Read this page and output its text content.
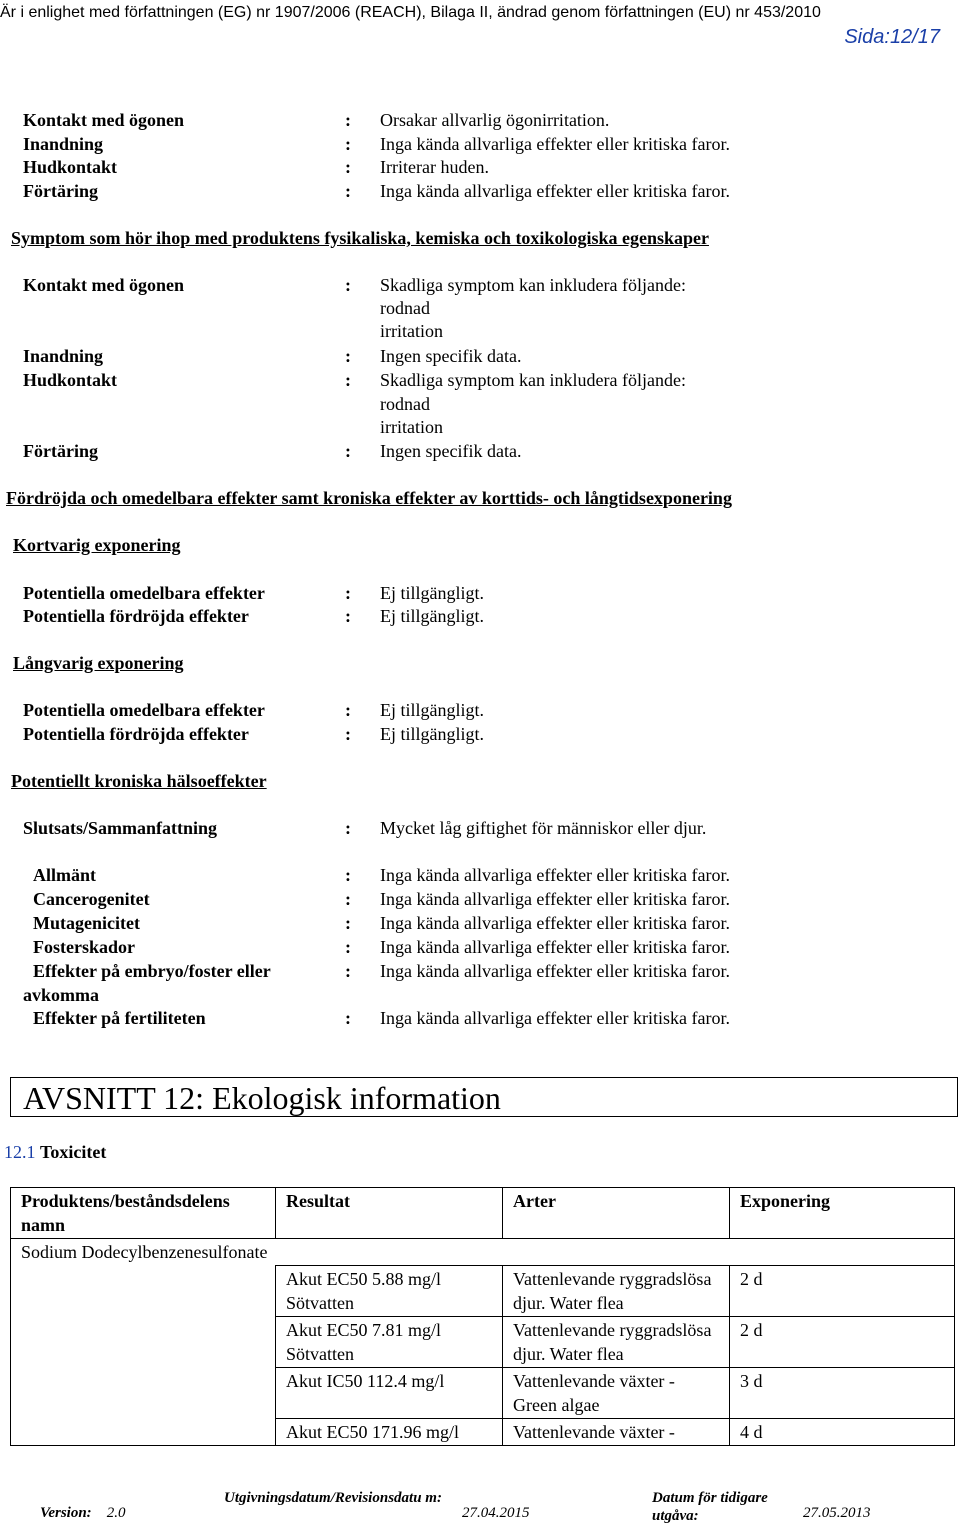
Är i enlighet med författningen (EG) nr 1907/2006 (REACH), Bilaga II, ändrad genom författningen (EU) nr 453/2010
Sida:12/17
Kontakt med ögonen	: Orsakar allvarlig ögonirritation.
Inandning	: Inga kända allvarliga effekter eller kritiska faror.
Hudkontakt	: Irriterar huden.
Förtäring	: Inga kända allvarliga effekter eller kritiska faror.
Symptom som hör ihop med produktens fysikaliska, kemiska och toxikologiska egenskaper
Kontakt med ögonen	: Skadliga symptom kan inkludera följande:
rodnad
irritation
Inandning	: Ingen specifik data.
Hudkontakt	: Skadliga symptom kan inkludera följande:
rodnad
irritation
Förtäring	: Ingen specifik data.
Fördröjda och omedelbara effekter samt kroniska effekter av korttids- och långtidsexponering
Kortvarig exponering
Potentiella omedelbara effekter	: Ej tillgängligt.
Potentiella fördröjda effekter	: Ej tillgängligt.
Långvarig exponering
Potentiella omedelbara effekter	: Ej tillgängligt.
Potentiella fördröjda effekter	: Ej tillgängligt.
Potentiellt kroniska hälsoeffekter
Slutsats/Sammanfattning	: Mycket låg giftighet för människor eller djur.
Allmänt	: Inga kända allvarliga effekter eller kritiska faror.
Cancerogenitet	: Inga kända allvarliga effekter eller kritiska faror.
Mutagenicitet	: Inga kända allvarliga effekter eller kritiska faror.
Fosterskador	: Inga kända allvarliga effekter eller kritiska faror.
Effekter på embryo/foster eller	: Inga kända allvarliga effekter eller kritiska faror.
avkomma
Effekter på fertiliteten	: Inga kända allvarliga effekter eller kritiska faror.
AVSNITT 12: Ekologisk information
12.1 Toxicitet
Produktens/beståndsdelens namn	Resultat	Arter	Exponering
Sodium Dodecylbenzenesulfonate			
	Akut EC50 5.88 mg/l Sötvatten	Vattenlevande ryggradslösa djur. Water flea	2 d
	Akut EC50 7.81 mg/l Sötvatten	Vattenlevande ryggradslösa djur. Water flea	2 d
	Akut IC50 112.4 mg/l	Vattenlevande växter - Green algae	3 d
	Akut EC50 171.96 mg/l	Vattenlevande växter -	4 d
Version: 2.0
Utgivningsdatum/Revisionsdatu m:
27.04.2015
Datum för tidigare utgåva:	27.05.2013
